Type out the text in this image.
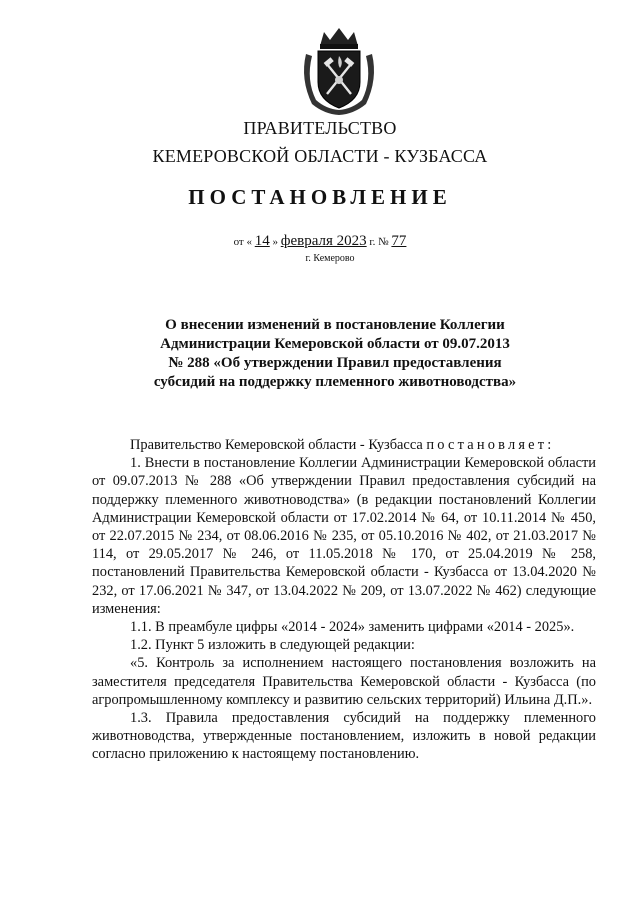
ПРАВИТЕЛЬСТВО
КЕМЕРОВСКОЙ ОБЛАСТИ - КУЗБАССА
ПОСТАНОВЛЕНИЕ
от « 14 » февраля 2023 г. № 77
г. Кемерово
О внесении изменений в постановление Коллегии
Администрации Кемеровской области от 09.07.2013
№ 288 «Об утверждении Правил предоставления
субсидий на поддержку племенного животноводства»

Правительство Кемеровской области - Кузбасса постановляет:

1. Внести в постановление Коллегии Администрации Кемеровской области от 09.07.2013 № 288 «Об утверждении Правил предоставления субсидий на поддержку племенного животноводства» (в редакции постановлений Коллегии Администрации Кемеровской области от 17.02.2014 № 64, от 10.11.2014 № 450, от 22.07.2015 № 234, от 08.06.2016 № 235, от 05.10.2016 № 402, от 21.03.2017 № 114, от 29.05.2017 № 246, от 11.05.2018 № 170, от 25.04.2019 № 258, постановлений Правительства Кемеровской области - Кузбасса от 13.04.2020 № 232, от 17.06.2021 № 347, от 13.04.2022 № 209, от 13.07.2022 № 462) следующие изменения:

1.1. В преамбуле цифры «2014 - 2024» заменить цифрами «2014 - 2025».

1.2. Пункт 5 изложить в следующей редакции:

«5. Контроль за исполнением настоящего постановления возложить на заместителя председателя Правительства Кемеровской области - Кузбасса (по агропромышленному комплексу и развитию сельских территорий) Ильина Д.П.».

1.3. Правила предоставления субсидий на поддержку племенного животноводства, утвержденные постановлением, изложить в новой редакции согласно приложению к настоящему постановлению.
